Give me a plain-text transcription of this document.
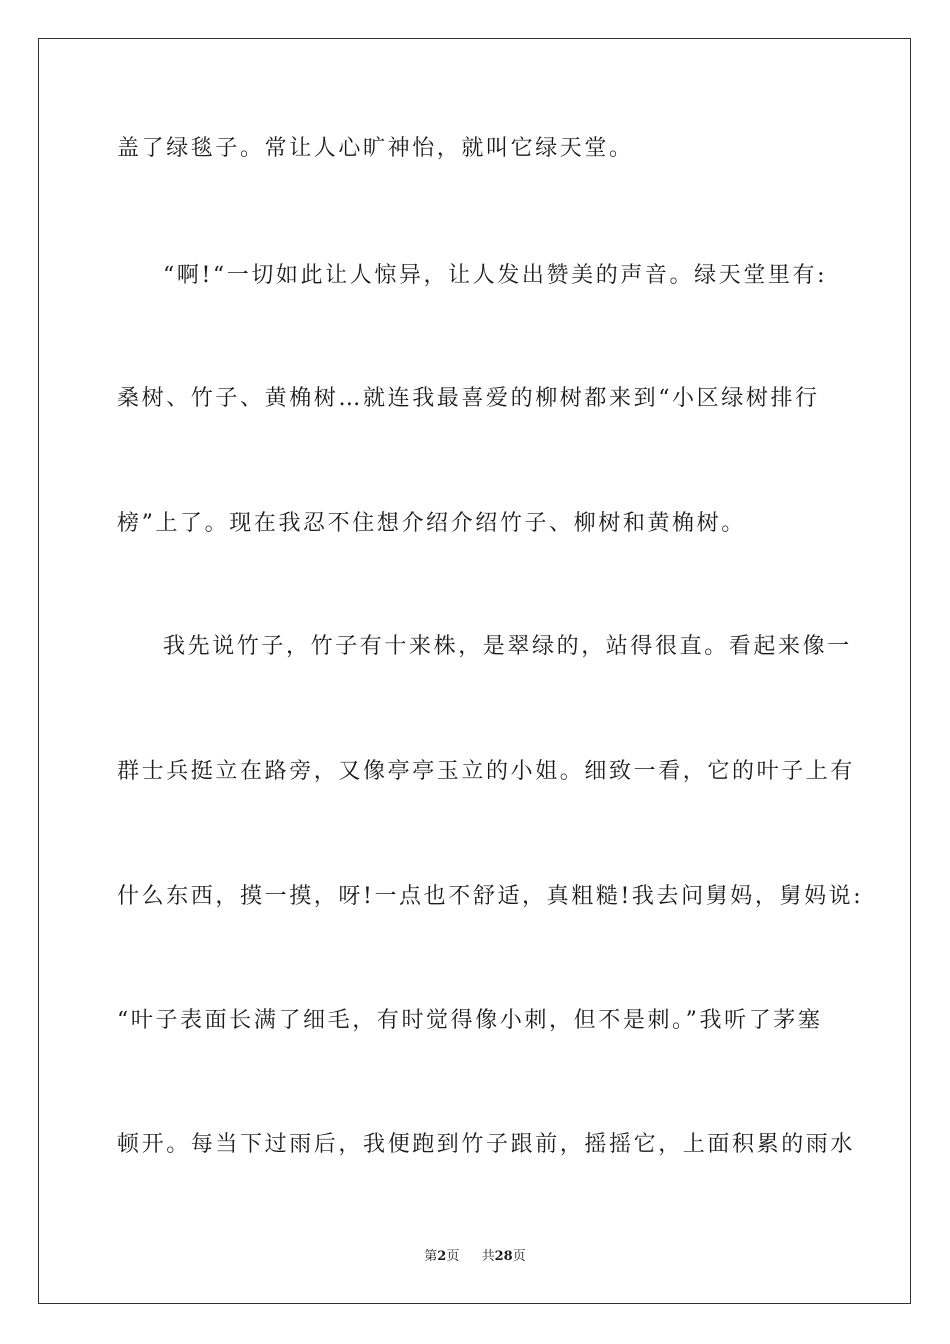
盖了绿毯子。常让人心旷神怡，就叫它绿天堂。
“啊!“一切如此让人惊异，让人发出赞美的声音。绿天堂里有:
桑树、竹子、黄桷树…就连我最喜爱的柳树都来到“小区绿树排行
榜”上了。现在我忍不住想介绍介绍竹子、柳树和黄桷树。
我先说竹子，竹子有十来株，是翠绿的，站得很直。看起来像一
群士兵挺立在路旁，又像亭亭玉立的小姐。细致一看，它的叶子上有
什么东西，摸一摸，呀!一点也不舒适，真粗糙!我去问舅妈，舅妈说:
“叶子表面长满了细毛，有时觉得像小刺，但不是刺。”我听了茅塞
顿开。每当下过雨后，我便跑到竹子跟前，摇摇它，上面积累的雨水
第2页 共28页
